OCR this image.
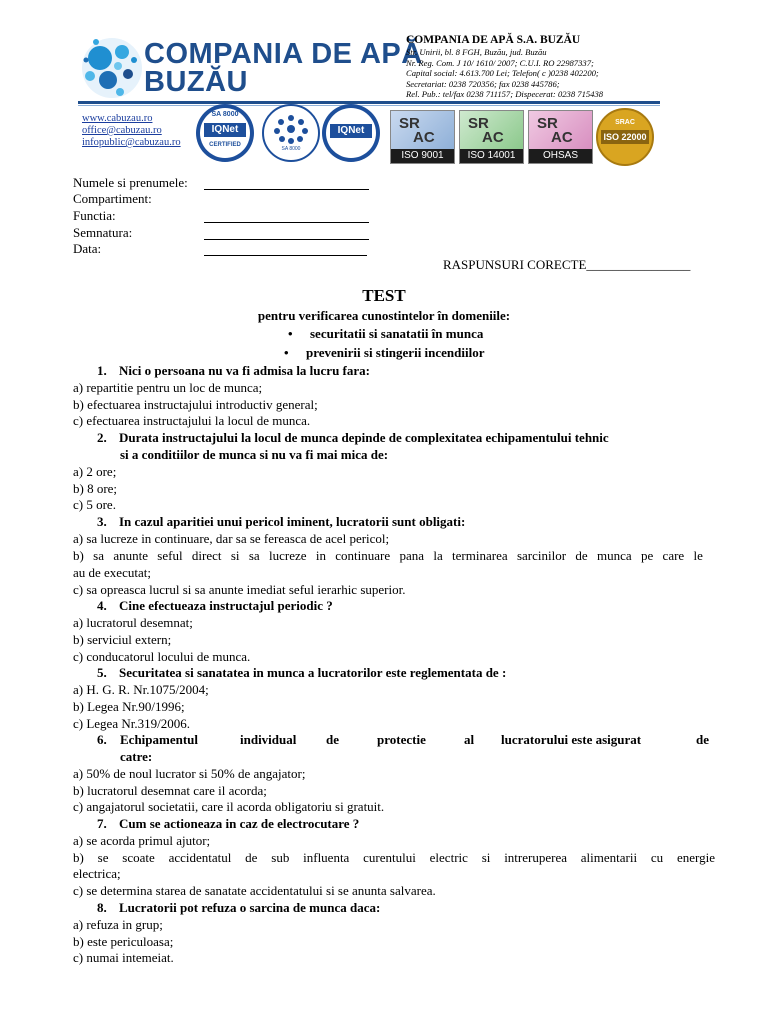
COMPANIA DE APĂ
BUZĂU
COMPANIA DE APĂ S.A. BUZĂU
Str. Unirii, bl. 8 FGH, Buzău, jud. Buzău
Nr. Reg. Com. J 10/ 1610/ 2007; C.U.I. RO 22987337;
Capital social: 4.613.700 Lei; Telefon( c )0238 402200;
Secretariat: 0238 720356; fax 0238 445786;
Rel. Pub.: tel/fax 0238 711157; Dispecerat: 0238 715438
www.cabuzau.ro
office@cabuzau.ro
infopublic@cabuzau.ro
SA 8000
IQNet
CERTIFIED
SA 8000
IQNet	SR
AC
ISO 9001
SR
AC
ISO 14001
SR
AC
OHSAS 18001
SRAC
ISO 22000
Numele si prenumele:
Compartiment:
Functia:
Semnatura:
Data:
RASPUNSURI CORECTE________________
TEST
pentru verificarea cunostintelor în domeniile:
• securitatii si sanatatii în munca
• prevenirii si stingerii incendiilor
1. Nici o persoana nu va fi admisa la lucru fara:
a) repartitie pentru un loc de munca;
b) efectuarea instructajului introductiv general;
c) efectuarea instructajului la locul de munca.
2. Durata instructajului la locul de munca depinde de complexitatea echipamentului tehnic
si a conditiilor de munca si nu va fi mai mica de:
a) 2 ore;
b) 8 ore;
c) 5 ore.
3. In cazul aparitiei unui pericol iminent, lucratorii sunt obligati:
a) sa lucreze in continuare, dar sa se fereasca de acel pericol;
b) sa anunte seful direct si sa lucreze in continuare pana la terminarea sarcinilor de munca pe care le
au de executat;
c) sa opreasca lucrul si sa anunte imediat seful ierarhic superior.
4. Cine efectueaza instructajul periodic ?
a) lucratorul desemnat;
b) serviciul extern;
c) conducatorul locului de munca.
5. Securitatea si sanatatea in munca a lucratorilor este reglementata de :
a) H. G. R. Nr.1075/2004;
b) Legea Nr.90/1996;
c) Legea Nr.319/2006.
6. Echipamentul	individual de	protectie	al lucratorului este asigurat	de
catre:
a) 50% de noul lucrator si 50% de angajator;
b) lucratorul desemnat care il acorda;
c) angajatorul societatii, care il acorda obligatoriu si gratuit.
7. Cum se actioneaza in caz de electrocutare ?
a) se acorda primul ajutor;
b) se scoate accidentatul de sub influenta curentului electric si intreruperea alimentarii cu energie
electrica;
c) se determina starea de sanatate accidentatului si se anunta salvarea.
8. Lucratorii pot refuza o sarcina de munca daca:
a) refuza in grup;
b) este periculoasa;
c) numai intemeiat.
